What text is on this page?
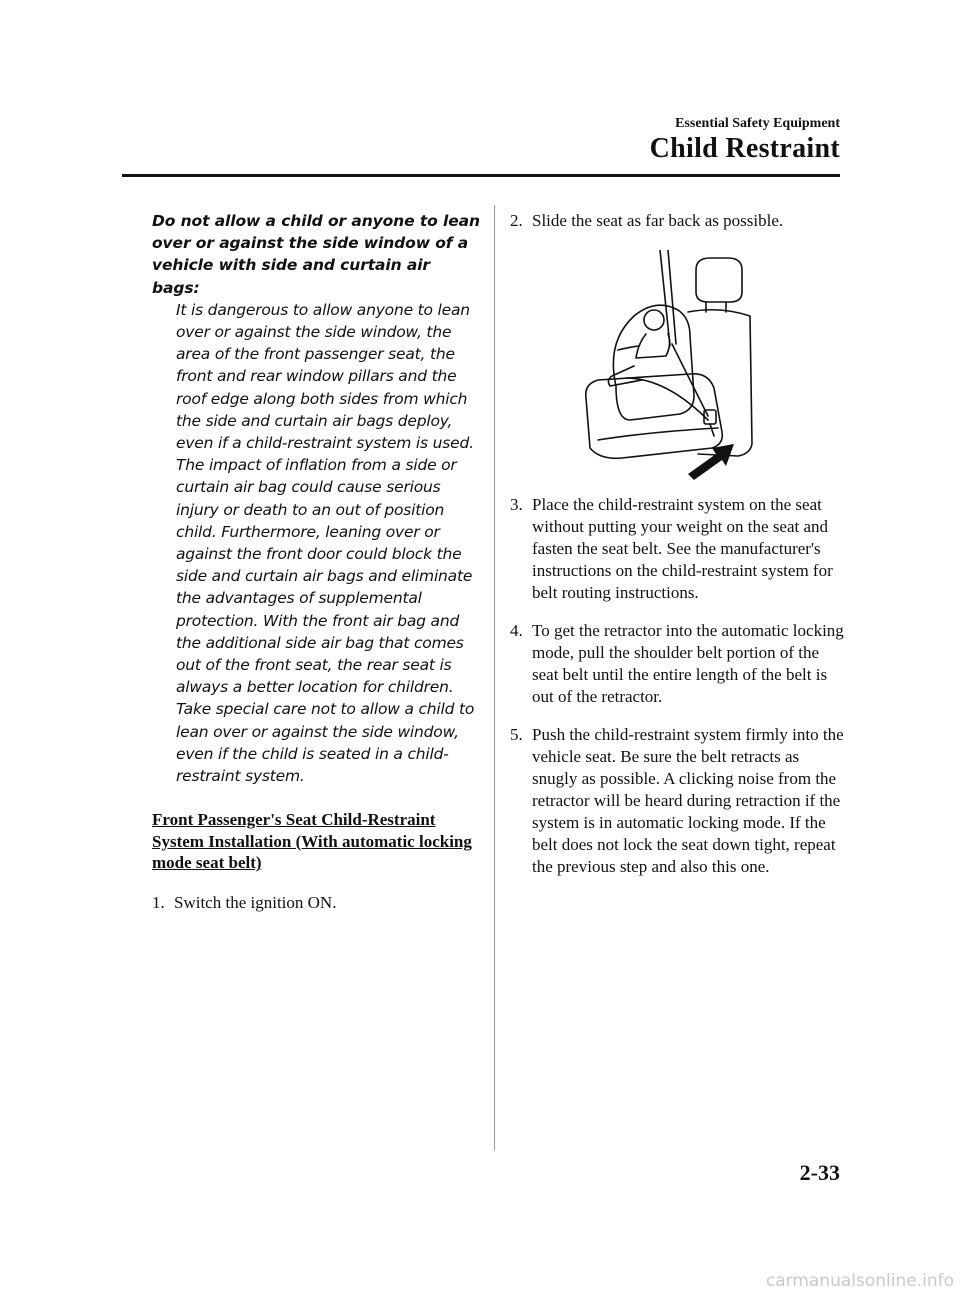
Essential Safety Equipment
Child Restraint

Do not allow a child or anyone to lean over or against the side window of a vehicle with side and curtain air bags:

It is dangerous to allow anyone to lean over or against the side window, the area of the front passenger seat, the front and rear window pillars and the roof edge along both sides from which the side and curtain air bags deploy, even if a child-restraint system is used. The impact of inflation from a side or curtain air bag could cause serious injury or death to an out of position child. Furthermore, leaning over or against the front door could block the side and curtain air bags and eliminate the advantages of supplemental protection. With the front air bag and the additional side air bag that comes out of the front seat, the rear seat is always a better location for children. Take special care not to allow a child to lean over or against the side window, even if the child is seated in a child-restraint system.

Front Passenger's Seat Child-Restraint System Installation (With automatic locking mode seat belt)

1. Switch the ignition ON.

2. Slide the seat as far back as possible.

3. Place the child-restraint system on the seat without putting your weight on the seat and fasten the seat belt. See the manufacturer's instructions on the child-restraint system for belt routing instructions.

4. To get the retractor into the automatic locking mode, pull the shoulder belt portion of the seat belt until the entire length of the belt is out of the retractor.

5. Push the child-restraint system firmly into the vehicle seat. Be sure the belt retracts as snugly as possible. A clicking noise from the retractor will be heard during retraction if the system is in automatic locking mode. If the belt does not lock the seat down tight, repeat the previous step and also this one.

2-33
carmanualsonline.info
